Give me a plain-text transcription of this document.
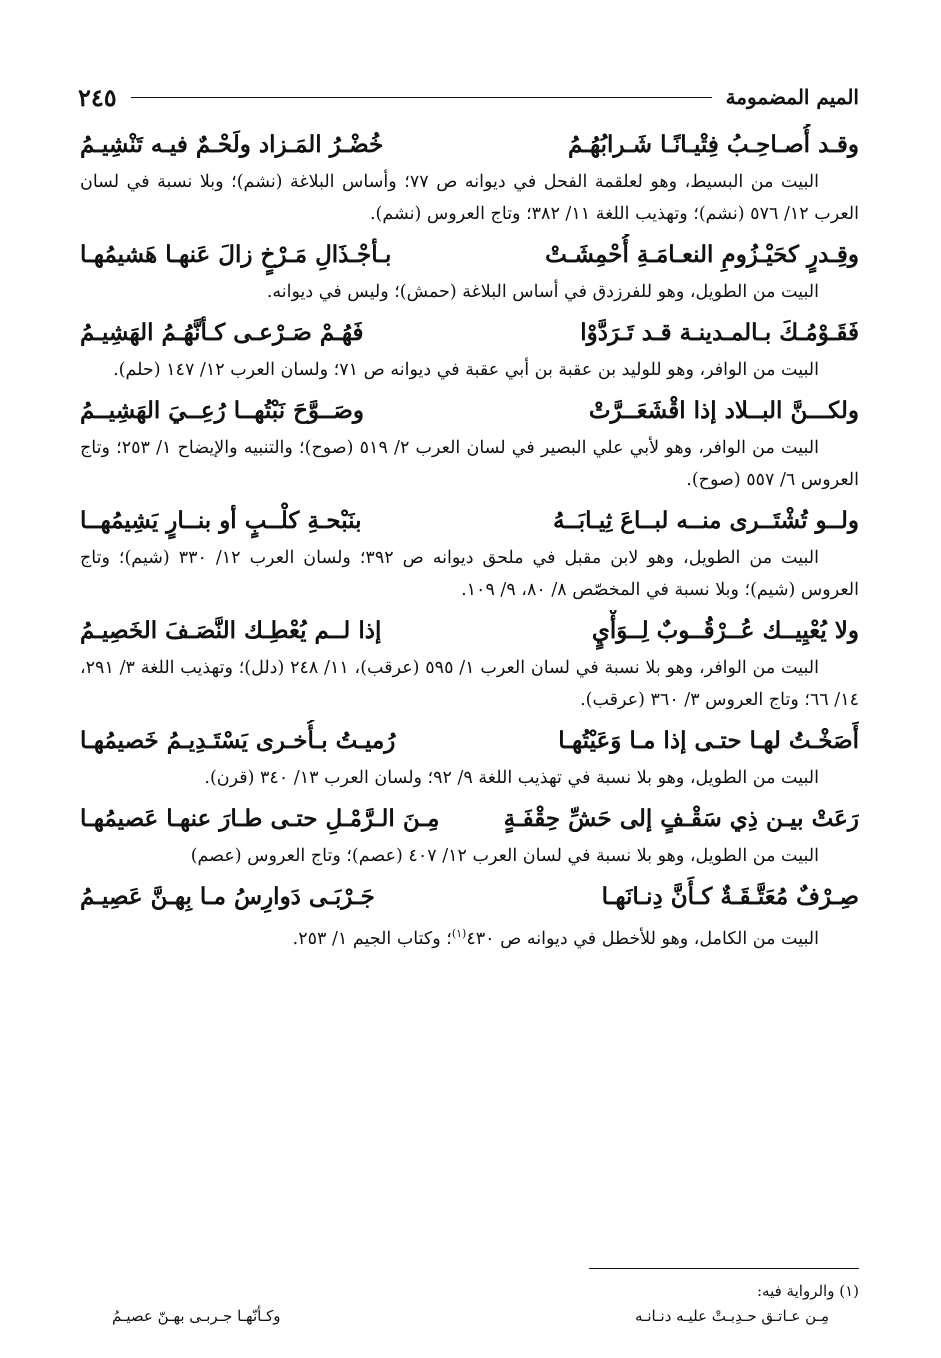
الميم المضمومة
٢٤٥
وقـد أُصـاحِـبُ فِتْيـانًـا شَـرابُهُـمُ
خُضْـرُ المَـزاد ولَحْـمٌ فيـه تَنْشِيـمُ

البيت من البسيط، وهو لعلقمة الفحل في ديوانه ص ٧٧؛ وأساس البلاغة (نشم)؛ وبلا نسبة في لسان العرب ١٢/ ٥٧٦ (نشم)؛ وتهذيب اللغة ١١/ ٣٨٢؛ وتاج العروس (نشم).

وقِـدرٍ كحَيْـزُومِ النعـامَـةِ أُحْمِشَـتْ
بـأجْـذَالِ مَـرْخٍ زالَ عَنهـا هَشيمُهـا

البيت من الطويل، وهو للفرزدق في أساس البلاغة (حمش)؛ وليس في ديوانه.

فَقَـوْمُـكَ بـالمـدينـة قـد تَـرَدَّوْا
فَهُـمْ صَـرْعـى كـأنَّهُـمُ الهَشِيـمُ

البيت من الوافر، وهو للوليد بن عقبة بن أبي عقبة في ديوانه ص ٧١؛ ولسان العرب ١٢/ ١٤٧ (حلم).

ولكـــنَّ البــلاد إذا اقْشَعَــرَّتْ
وصَــوَّحَ نَبْتُهــا رُعِــيَ الهَشِيــمُ

البيت من الوافر، وهو لأبي علي البصير في لسان العرب ٢/ ٥١٩ (صوح)؛ والتنبيه والإيضاح ١/ ٢٥٣؛ وتاج العروس ٦/ ٥٥٧ (صوح).

ولــو تُشْتَــرى منــه لبــاعَ ثِيـابَــهُ
بنَبْحـةِ كلْــبٍ أو بنــارٍ يَشِيمُهــا

البيت من الطويل، وهو لابن مقبل في ملحق ديوانه ص ٣٩٢؛ ولسان العرب ١٢/ ٣٣٠ (شيم)؛ وتاج العروس (شيم)؛ وبلا نسبة في المخصّص ٨/ ٨٠، ٩/ ١٠٩.

ولا يُعْيِيــك عُــرْقُــوبٌ لِــوَأْيٍ
إذا لــم يُعْطِـك النَّصَـفَ الخَصِيـمُ

البيت من الوافر، وهو بلا نسبة في لسان العرب ١/ ٥٩٥ (عرقب)، ١١/ ٢٤٨ (دلل)؛ وتهذيب اللغة ٣/ ٢٩١، ١٤/ ٦٦؛ وتاج العروس ٣/ ٣٦٠ (عرقب).

أَصَخْـتُ لهـا حتـى إذا مـا وَعَيْتُهـا
رُميـتُ بـأُخـرى يَسْتَـدِيـمُ خَصيمُهـا

البيت من الطويل، وهو بلا نسبة في تهذيب اللغة ٩/ ٩٢؛ ولسان العرب ١٣/ ٣٤٠ (قرن).

رَعَتْ بيـن ذِي سَقْـفٍ إلى حَشِّ حِقْفَـةٍ
مِـنَ الـرَّمْـلِ حتـى طـارَ عنهـا عَصيمُهـا

البيت من الطويل، وهو بلا نسبة في لسان العرب ١٢/ ٤٠٧ (عصم)؛ وتاج العروس (عصم)

صِـرْفٌ مُعَتَّـقَـةٌ كـأَنَّ دِنـانَهـا
جَـرْبَـى دَوارِسُ مـا بِهـنَّ عَصِيـمُ

البيت من الكامل، وهو للأخطل في ديوانه ص ٤٣٠$^{(١)}$؛ وكتاب الجيم ١/ ٢٥٣.

(١) والرواية فيه:
مِـن عـاتـق حـدِبـتْ عليـه دنـانـه
وكـأنّهـا جـربـى بهـنّ عصيـمُ
